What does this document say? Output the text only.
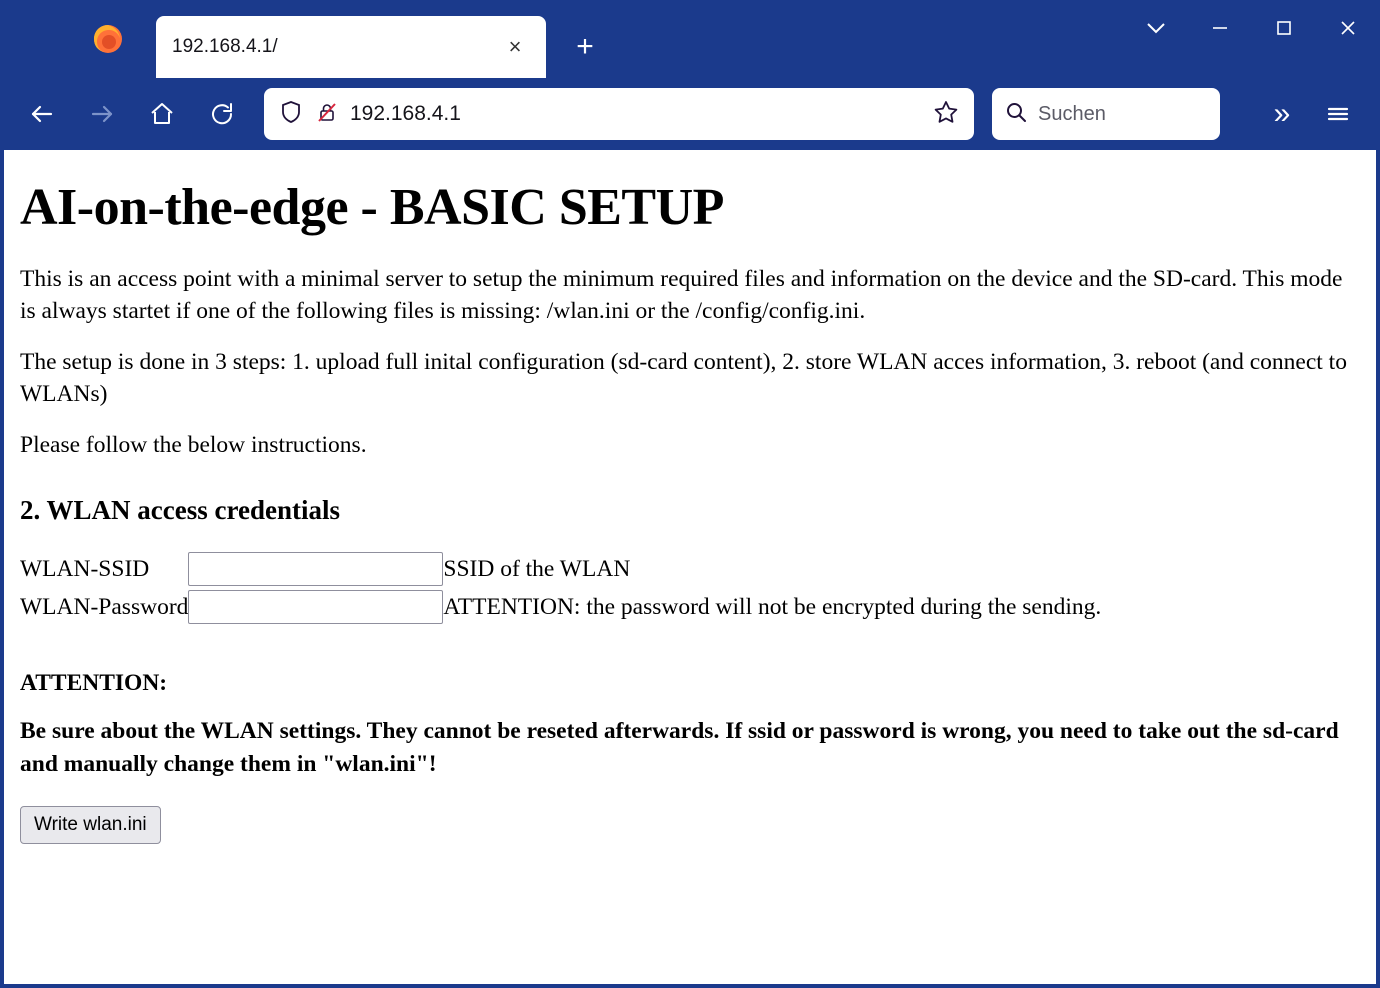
192.168.4.1/	×	+
192.168.4.1	Suchen	»
AI-on-the-edge - BASIC SETUP

This is an access point with a minimal server to setup the minimum required files and information on the device and the SD-card. This mode is always startet if one of the following files is missing: /wlan.ini or the /config/config.ini.

The setup is done in 3 steps: 1. upload full inital configuration (sd-card content), 2. store WLAN acces information, 3. reboot (and connect to WLANs)

Please follow the below instructions.

2. WLAN access credentials
WLAN-SSID		SSID of the WLAN
WLAN-Password		ATTENTION: the password will not be encrypted during the sending.

ATTENTION:

Be sure about the WLAN settings. They cannot be reseted afterwards. If ssid or password is wrong, you need to take out the sd-card and manually change them in "wlan.ini"!

Write wlan.ini
